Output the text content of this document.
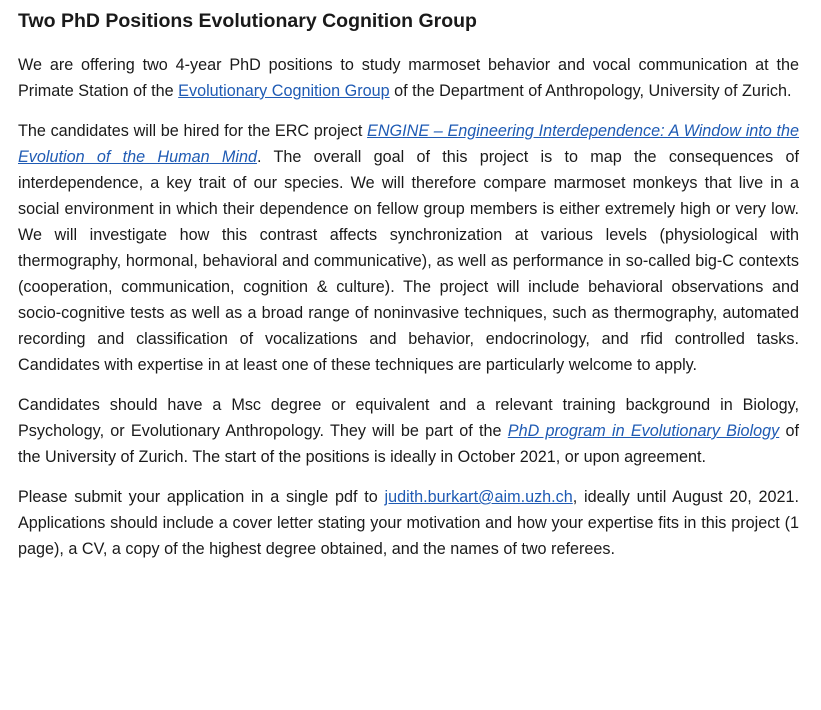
Two PhD Positions Evolutionary Cognition Group

We are offering two 4-year PhD positions to study marmoset behavior and vocal communication at the Primate Station of the Evolutionary Cognition Group of the Department of Anthropology, University of Zurich.

The candidates will be hired for the ERC project ENGINE – Engineering Interdependence: A Window into the Evolution of the Human Mind. The overall goal of this project is to map the consequences of interdependence, a key trait of our species. We will therefore compare marmoset monkeys that live in a social environment in which their dependence on fellow group members is either extremely high or very low. We will investigate how this contrast affects synchronization at various levels (physiological with thermography, hormonal, behavioral and communicative), as well as performance in so-called big-C contexts (cooperation, communication, cognition & culture). The project will include behavioral observations and socio-cognitive tests as well as a broad range of noninvasive techniques, such as thermography, automated recording and classification of vocalizations and behavior, endocrinology, and rfid controlled tasks. Candidates with expertise in at least one of these techniques are particularly welcome to apply.

Candidates should have a Msc degree or equivalent and a relevant training background in Biology, Psychology, or Evolutionary Anthropology. They will be part of the PhD program in Evolutionary Biology of the University of Zurich. The start of the positions is ideally in October 2021, or upon agreement.

Please submit your application in a single pdf to judith.burkart@aim.uzh.ch, ideally until August 20, 2021. Applications should include a cover letter stating your motivation and how your expertise fits in this project (1 page), a CV, a copy of the highest degree obtained, and the names of two referees.
